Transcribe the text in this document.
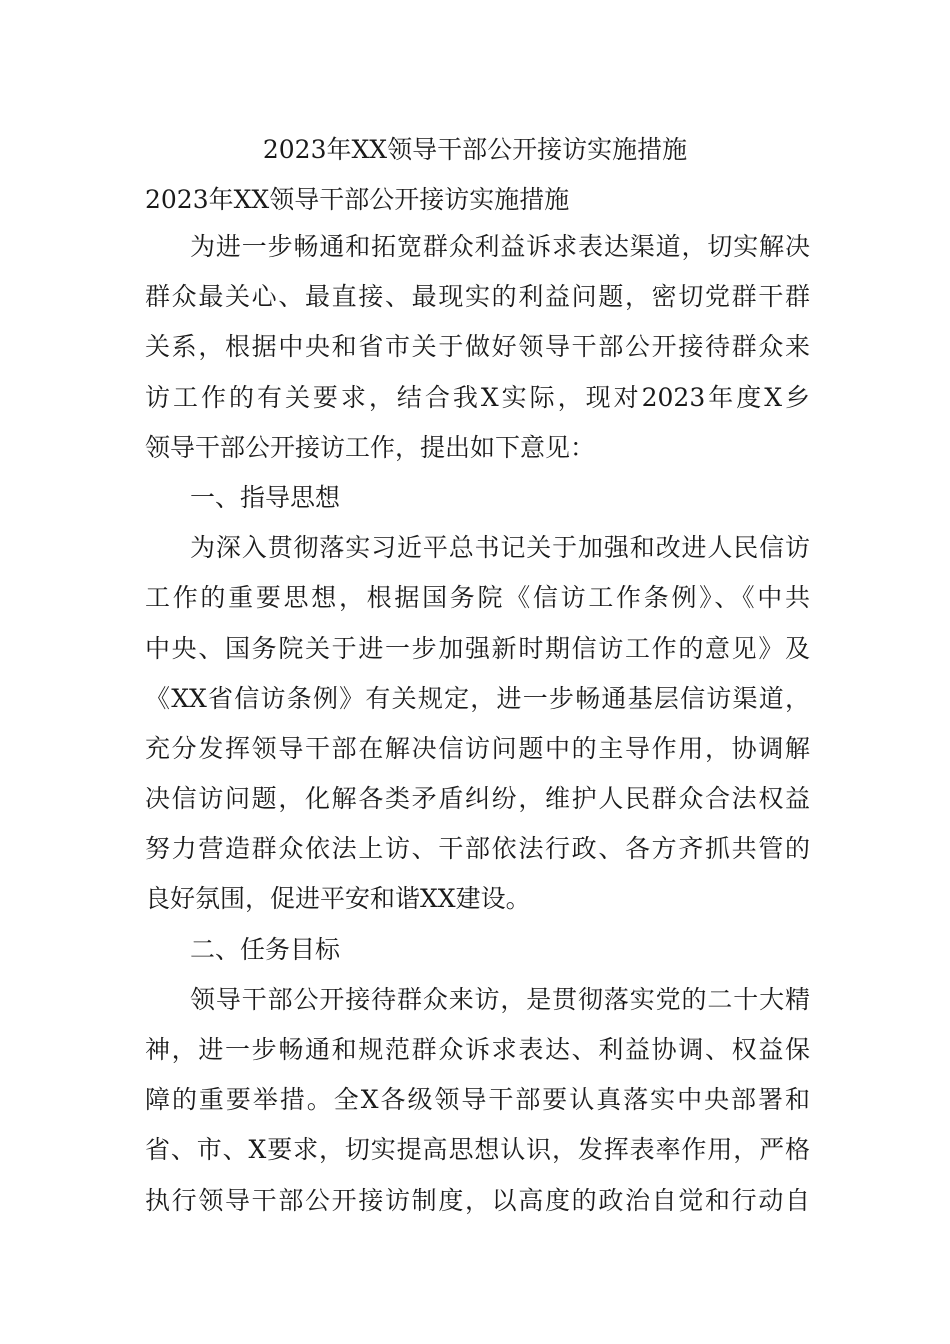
2023年XX领导干部公开接访实施措施
2023年XX领导干部公开接访实施措施
为进一步畅通和拓宽群众利益诉求表达渠道，切实解决
群众最关心、最直接、最现实的利益问题，密切党群干群
关系，根据中央和省市关于做好领导干部公开接待群众来
访工作的有关要求，结合我X实际，现对2023年度X乡
领导干部公开接访工作，提出如下意见：
一、指导思想
为深入贯彻落实习近平总书记关于加强和改进人民信访
工作的重要思想，根据国务院《信访工作条例》、《中共
中央、国务院关于进一步加强新时期信访工作的意见》及
《XX省信访条例》有关规定，进一步畅通基层信访渠道，
充分发挥领导干部在解决信访问题中的主导作用，协调解
决信访问题，化解各类矛盾纠纷，维护人民群众合法权益
努力营造群众依法上访、干部依法行政、各方齐抓共管的
良好氛围，促进平安和谐XX建设。
二、任务目标
领导干部公开接待群众来访，是贯彻落实党的二十大精
神，进一步畅通和规范群众诉求表达、利益协调、权益保
障的重要举措。全X各级领导干部要认真落实中央部署和
省、市、X要求，切实提高思想认识，发挥表率作用，严格
执行领导干部公开接访制度，以高度的政治自觉和行动自
